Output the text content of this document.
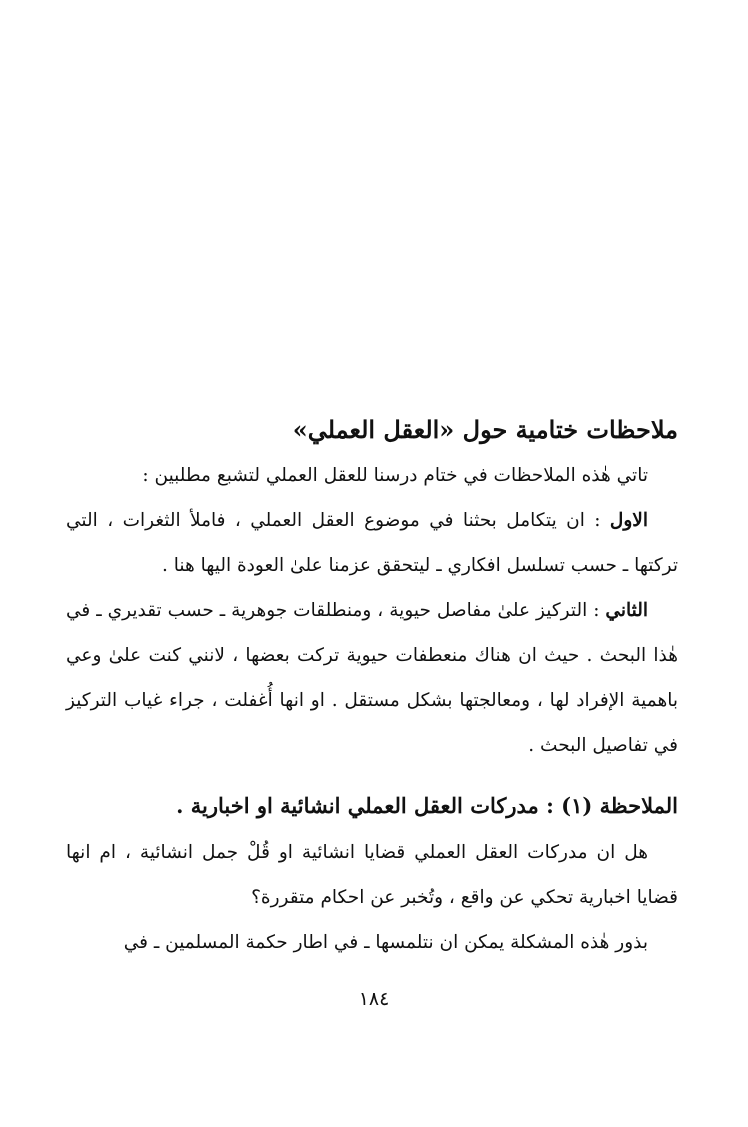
ملاحظات ختامية حول «العقل العملي»

تاتي هٰذه الملاحظات في ختام درسنا للعقل العملي لتشبع مطلبين :

الاول : ان يتكامل بحثنا في موضوع العقل العملي ، فاملأ الثغرات ، التي تركتها ـ حسب تسلسل افكاري ـ ليتحقق عزمنا علىٰ العودة اليها هنا .

الثاني : التركيز علىٰ مفاصل حيوية ، ومنطلقات جوهرية ـ حسب تقديري ـ في هٰذا البحث . حيث ان هناك منعطفات حيوية تركت بعضها ، لانني كنت علىٰ وعي باهمية الإفراد لها ، ومعالجتها بشكل مستقل . او انها أُغفلت ، جراء غياب التركيز في تفاصيل البحث .

الملاحظة (١) : مدركات العقل العملي انشائية او اخبارية .

هل ان مدركات العقل العملي قضايا انشائية او قُلْ جمل انشائية ، ام انها قضايا اخبارية تحكي عن واقع ، وتُخبر عن احكام متقررة؟

بذور هٰذه المشكلة يمكن ان نتلمسها ـ في اطار حكمة المسلمين ـ في

١٨٤
